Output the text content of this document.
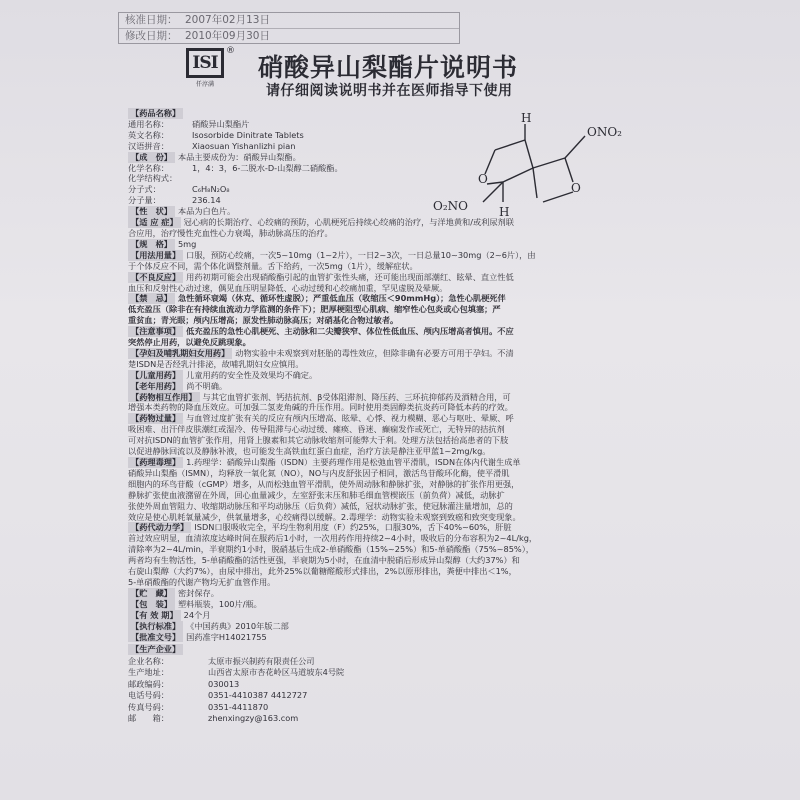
核准日期： 2007年02月13日
修改日期： 2010年09月30日
ISI
®
仟淳满
硝酸异山梨酯片说明书
请仔细阅读说明书并在医师指导下使用
H
ONO₂
H
O₂NO
O
O
【药品名称】
通用名称：	硝酸异山梨酯片
英文名称：	Isosorbide Dinitrate Tablets
汉语拼音：	Xiaosuan Yishanlizhi pian
【成　份】 本品主要成份为：硝酸异山梨酯。
化学名称：	1，4：3，6-二脱水-D-山梨醇二硝酸酯。
化学结构式：
分子式：	C₆H₈N₂O₈
分子量：	236.14
【性　状】 本品为白色片。
【适 应 症】 冠心病的长期治疗、心绞痛的预防，心肌梗死后持续心绞痛的治疗，与洋地黄和/或利尿剂联
合应用，治疗慢性充血性心力衰竭，肺动脉高压的治疗。
【规　格】 5mg
【用法用量】 口服，预防心绞痛，一次5~10mg（1~2片），一日2~3次，一日总量10~30mg（2~6片），由
于个体反应不同，需个体化调整剂量。舌下给药，一次5mg（1片），缓解症状。
【不良反应】 用药初期可能会出现硝酸酯引起的血管扩张性头痛，还可能出现面部潮红、眩晕、直立性低
血压和反射性心动过速，偶见血压明显降低、心动过缓和心绞痛加重，罕见虚脱及晕厥。
【禁　忌】 急性循环衰竭（休克、循环性虚脱）；严重低血压（收缩压＜90mmHg）；急性心肌梗死伴
低充盈压（除非在有持续血流动力学监测的条件下）；肥厚梗阻型心肌病、缩窄性心包炎或心包填塞；严
重贫血；青光眼；颅内压增高；原发性肺动脉高压；对硝基化合物过敏者。
【注意事项】 低充盈压的急性心肌梗死、主动脉和二尖瓣狭窄、体位性低血压、颅内压增高者慎用。不应
突然停止用药，以避免反跳现象。
【孕妇及哺乳期妇女用药】 动物实验中未观察到对胚胎的毒性效应，但除非确有必要方可用于孕妇。不清
楚ISDN是否经乳汁排泌，故哺乳期妇女应慎用。
【儿童用药】 儿童用药的安全性及效果均不确定。
【老年用药】 尚不明确。
【药物相互作用】 与其它血管扩张剂、钙拮抗剂、β受体阻滞剂、降压药、三环抗抑郁药及酒精合用，可
增强本类药物的降血压效应。可加强二氢麦角碱的升压作用。同时使用类固醇类抗炎药可降低本药的疗效。
【药物过量】 与血管过度扩张有关的反应有颅内压增高、眩晕、心悸、视力模糊、恶心与呕吐、晕厥、呼
吸困难、出汗伴皮肤潮红或湿冷、传导阻滞与心动过缓、瘫痪、昏迷、癫痫发作或死亡，无特异的拮抗剂
可对抗ISDN的血管扩张作用，用肾上腺素和其它动脉收缩剂可能弊大于利。处理方法包括抬高患者的下肢
以促进静脉回流以及静脉补液，也可能发生高铁血红蛋白血症，治疗方法是静注亚甲蓝1~2mg/kg。
【药理毒理】 1.药理学：硝酸异山梨酯（ISDN）主要药理作用是松弛血管平滑肌，ISDN在体内代谢生成单
硝酸异山梨酯（ISMN），均释放一氧化氮（NO），NO与内皮舒张因子相同，激活鸟苷酸环化酶，使平滑肌
细胞内的环鸟苷酸（cGMP）增多，从而松弛血管平滑肌，使外周动脉和静脉扩张，对静脉的扩张作用更强，
静脉扩张使血液潴留在外周，回心血量减少，左室舒张末压和肺毛细血管楔嵌压（前负荷）减低，动脉扩
张使外周血管阻力、收缩期动脉压和平均动脉压（后负荷）减低，冠状动脉扩张，使冠脉灌注量增加，总的
效应是使心肌耗氧量减少，供氧量增多，心绞痛得以缓解。2.毒理学：动物实验未观察到致癌和致突变现象。
【药代动力学】 ISDN口服吸收完全，平均生物利用度（F）约25%，口服30%，舌下40%~60%，肝脏
首过效应明显，血清浓度达峰时间在服药后1小时，一次用药作用持续2~4小时，吸收后的分布容积为2~4L/kg，
清除率为2~4L/min，半衰期约1小时，脱硝基后生成2-单硝酸酯（15%~25%）和5-单硝酸酯（75%~85%），
两者均有生物活性，5-单硝酸酯的活性更强，半衰期为5小时，在血清中脱硝后形成异山梨醇（大约37%）和
右旋山梨醇（大约7%），由尿中排出，此外25%以葡糖醛酸形式排出，2%以原形排出，粪便中排出＜1%，
5-单硝酸酯的代谢产物均无扩血管作用。
【贮　藏】 密封保存。
【包　装】 塑料瓶装，100片/瓶。
【有 效 期】 24个月
【执行标准】 《中国药典》2010年版二部
【批准文号】 国药准字H14021755
【生产企业】
企业名称：	太原市振兴制药有限责任公司
生产地址：	山西省太原市杏花岭区马道坡东4号院
邮政编码：	030013
电话号码：	0351-4410387 4412727
传真号码：	0351-4411870
邮　　箱：	zhenxingzy@163.com
